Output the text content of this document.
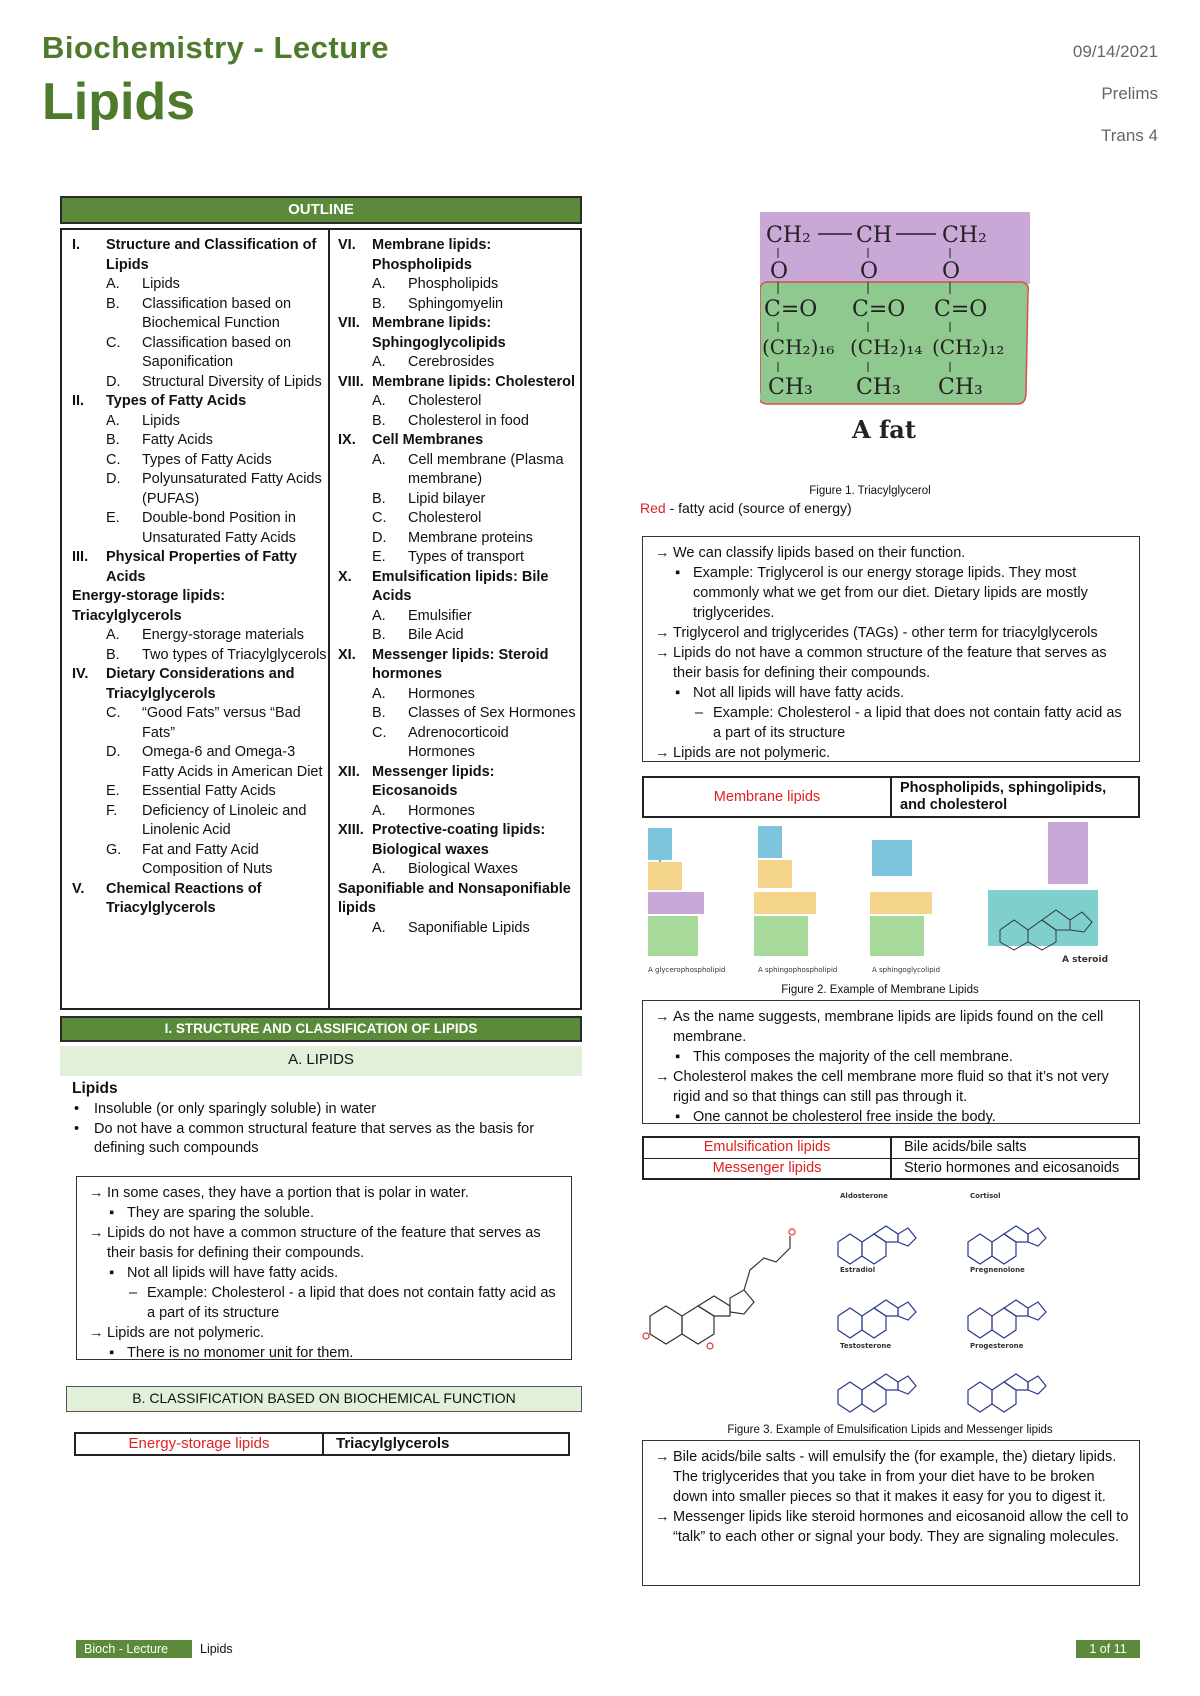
Biochemistry - Lecture
Lipids
09/14/2021
Prelims
Trans 4
OUTLINE
I.	Structure and Classification of Lipids
A.	Lipids
B.	Classification based on Biochemical Function
C.	Classification based on Saponification
D.	Structural Diversity of Lipids
II.	Types of Fatty Acids
A.	Lipids
B.	Fatty Acids
C.	Types of Fatty Acids
D.	Polyunsaturated Fatty Acids (PUFAS)
E.	Double-bond Position in Unsaturated Fatty Acids
III.	Physical Properties of Fatty Acids
Energy-storage lipids: Triacylglycerols
A.	Energy-storage materials
B.	Two types of Triacylglycerols
IV.	Dietary Considerations and Triacylglycerols
C.	“Good Fats” versus “Bad Fats”
D.	Omega-6 and Omega-3 Fatty Acids in American Diet
E.	Essential Fatty Acids
F.	Deficiency of Linoleic and Linolenic Acid
G.	Fat and Fatty Acid Composition of Nuts
V.	Chemical Reactions of Triacylglycerols
VI.	Membrane lipids: Phospholipids
A.	Phospholipids
B.	Sphingomyelin
VII. Membrane lipids: Sphingoglycolipids
A.	Cerebrosides
VIII. Membrane lipids: Cholesterol
A.	Cholesterol
B.	Cholesterol in food
IX.	Cell Membranes
A.	Cell membrane (Plasma membrane)
B.	Lipid bilayer
C.	Cholesterol
D.	Membrane proteins
E.	Types of transport
X.	Emulsification lipids: Bile Acids
A.	Emulsifier
B.	Bile Acid
XI.	Messenger lipids: Steroid hormones
A.	Hormones
B.	Classes of Sex Hormones
C.	Adrenocorticoid Hormones
XII. Messenger lipids: Eicosanoids
A.	Hormones
XIII. Protective-coating lipids: Biological waxes
A.	Biological Waxes
Saponifiable and Nonsaponifiable lipids
A.	Saponifiable Lipids
I. STRUCTURE AND CLASSIFICATION OF LIPIDS
A. LIPIDS
Lipids
• Insoluble (or only sparingly soluble) in water
• Do not have a common structural feature that serves as the basis for defining such compounds
→ In some cases, they have a portion that is polar in water.
▪ They are sparing the soluble.
→ Lipids do not have a common structure of the feature that serves as their basis for defining their compounds.
▪ Not all lipids will have fatty acids.
– Example: Cholesterol - a lipid that does not contain fatty acid as a part of its structure
→ Lipids are not polymeric.
▪ There is no monomer unit for them.
B. CLASSIFICATION BASED ON BIOCHEMICAL FUNCTION
Energy-storage lipids	Triacylglycerols
CH₂ CH CH₂
O	O	O
C=O C=O C=O
(CH₂)₁₆ (CH₂)₁₄ (CH₂)₁₂
CH₃ CH₃ CH₃
A fat
Figure 1. Triacylglycerol
Red - fatty acid (source of energy)
→ We can classify lipids based on their function.
▪ Example: Triglycerol is our energy storage lipids. They most commonly what we get from our diet. Dietary lipids are mostly triglycerides.
→ Triglycerol and triglycerides (TAGs) - other term for triacylglycerols
→ Lipids do not have a common structure of the feature that serves as their basis for defining their compounds.
▪ Not all lipids will have fatty acids.
– Example: Cholesterol - a lipid that does not contain fatty acid as a part of its structure
→ Lipids are not polymeric.
Membrane lipids
Phospholipids, sphingolipids, and cholesterol
A glycerophospholipid	A sphingophospholipid	A sphingoglycolipid
A steroid
Figure 2. Example of Membrane Lipids
→ As the name suggests, membrane lipids are lipids found on the cell membrane.
▪ This composes the majority of the cell membrane.
→ Cholesterol makes the cell membrane more fluid so that it’s not very rigid and so that things can still pas through it.
▪ One cannot be cholesterol free inside the body.
Emulsification lipids	Bile acids/bile salts
Messenger lipids	Sterio hormones and eicosanoids
Aldosterone	Cortisol
Estradiol	Pregnenolone
Testosterone	Progesterone
Figure 3. Example of Emulsification Lipids and Messenger lipids
→ Bile acids/bile salts - will emulsify the (for example, the) dietary lipids. The triglycerides that you take in from your diet have to be broken down into smaller pieces so that it makes it easy for you to digest it.
→ Messenger lipids like steroid hormones and eicosanoid allow the cell to “talk” to each other or signal your body. They are signaling molecules.
Bioch - Lecture	Lipids	1 of 11
